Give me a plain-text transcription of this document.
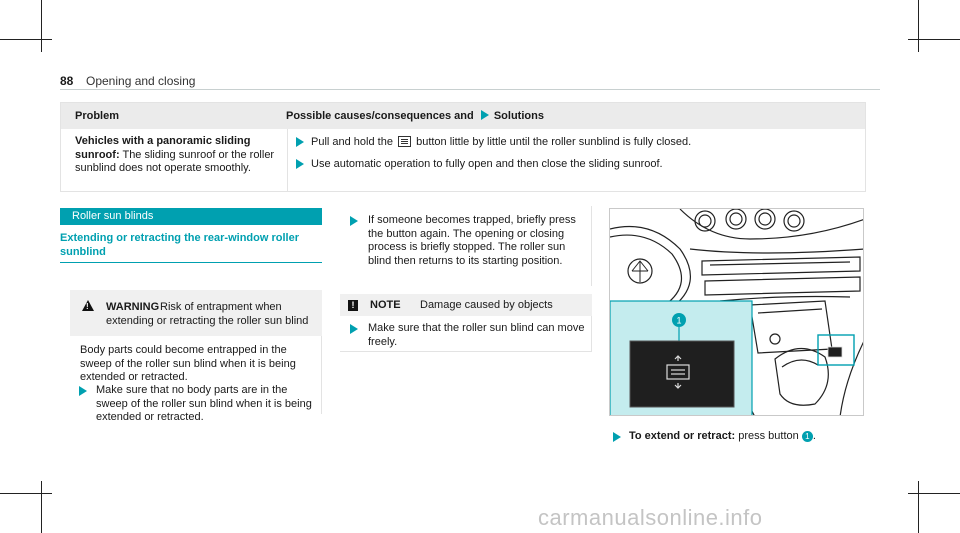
88 Opening and closing
Problem	Possible causes/consequences and Solutions
Vehicles with a panoramic sliding sunroof: The sliding sunroof or the roller sunblind does not operate smoothly.
Pull and hold the button little by little until the roller sunblind is fully closed.
Use automatic operation to fully open and then close the sliding sunroof.
Roller sun blinds
Extending or retracting the rear-window roller sunblind
!
WARNING Risk of entrapment when extending or retracting the roller sun blind
Body parts could become entrapped in the sweep of the roller sun blind when it is being extended or retracted.
Make sure that no body parts are in the sweep of the roller sun blind when it is being extended or retracted.
If someone becomes trapped, briefly press the button again. The opening or closing process is briefly stopped. The roller sun blind then returns to its starting position.
!	NOTE Damage caused by objects
Make sure that the roller sun blind can move freely.
1
To extend or retract: press button 1 .
carmanualsonline.info
